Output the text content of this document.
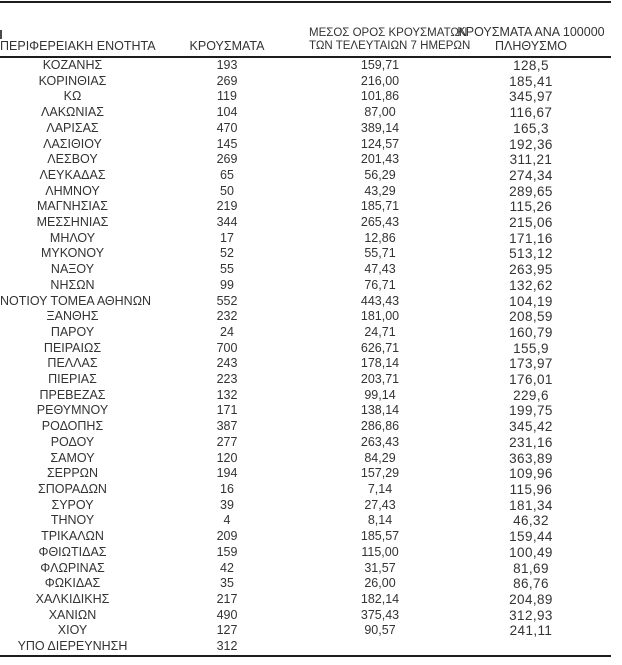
ΠΕΡΙΦΕΡΕΙΑΚΗ ΕΝΟΤΗΤΑ	ΚΡΟΥΣΜΑΤΑ	ΜΕΣΟΣ ΟΡΟΣ ΚΡΟΥΣΜΑΤΩΝ
ΤΩΝ ΤΕΛΕΥΤΑΙΩΝ 7 ΗΜΕΡΩΝ	ΚΡΟΥΣΜΑΤΑ ΑΝΑ 100000
ΠΛΗΘΥΣΜΟ

ΚΟΖΑΝΗΣ	193	159,71	128,5
ΚΟΡΙΝΘΙΑΣ	269	216,00	185,41
ΚΩ	119	101,86	345,97
ΛΑΚΩΝΙΑΣ	104	87,00	116,67
ΛΑΡΙΣΑΣ	470	389,14	165,3
ΛΑΣΙΘΙΟΥ	145	124,57	192,36
ΛΕΣΒΟΥ	269	201,43	311,21
ΛΕΥΚΑΔΑΣ	65	56,29	274,34
ΛΗΜΝΟΥ	50	43,29	289,65
ΜΑΓΝΗΣΙΑΣ	219	185,71	115,26
ΜΕΣΣΗΝΙΑΣ	344	265,43	215,06
ΜΗΛΟΥ	17	12,86	171,16
ΜΥΚΟΝΟΥ	52	55,71	513,12
ΝΑΞΟΥ	55	47,43	263,95
ΝΗΣΩΝ	99	76,71	132,62
ΝΟΤΙΟΥ ΤΟΜΕΑ ΑΘΗΝΩΝ	552	443,43	104,19
ΞΑΝΘΗΣ	232	181,00	208,59
ΠΑΡΟΥ	24	24,71	160,79
ΠΕΙΡΑΙΩΣ	700	626,71	155,9
ΠΕΛΛΑΣ	243	178,14	173,97
ΠΙΕΡΙΑΣ	223	203,71	176,01
ΠΡΕΒΕΖΑΣ	132	99,14	229,6
ΡΕΘΥΜΝΟΥ	171	138,14	199,75
ΡΟΔΟΠΗΣ	387	286,86	345,42
ΡΟΔΟΥ	277	263,43	231,16
ΣΑΜΟΥ	120	84,29	363,89
ΣΕΡΡΩΝ	194	157,29	109,96
ΣΠΟΡΑΔΩΝ	16	7,14	115,96
ΣΥΡΟΥ	39	27,43	181,34
ΤΗΝΟΥ	4	8,14	46,32
ΤΡΙΚΑΛΩΝ	209	185,57	159,44
ΦΘΙΩΤΙΔΑΣ	159	115,00	100,49
ΦΛΩΡΙΝΑΣ	42	31,57	81,69
ΦΩΚΙΔΑΣ	35	26,00	86,76
ΧΑΛΚΙΔΙΚΗΣ	217	182,14	204,89
ΧΑΝΙΩΝ	490	375,43	312,93
ΧΙΟΥ	127	90,57	241,11
ΥΠΟ ΔΙΕΡΕΥΝΗΣΗ	312		
